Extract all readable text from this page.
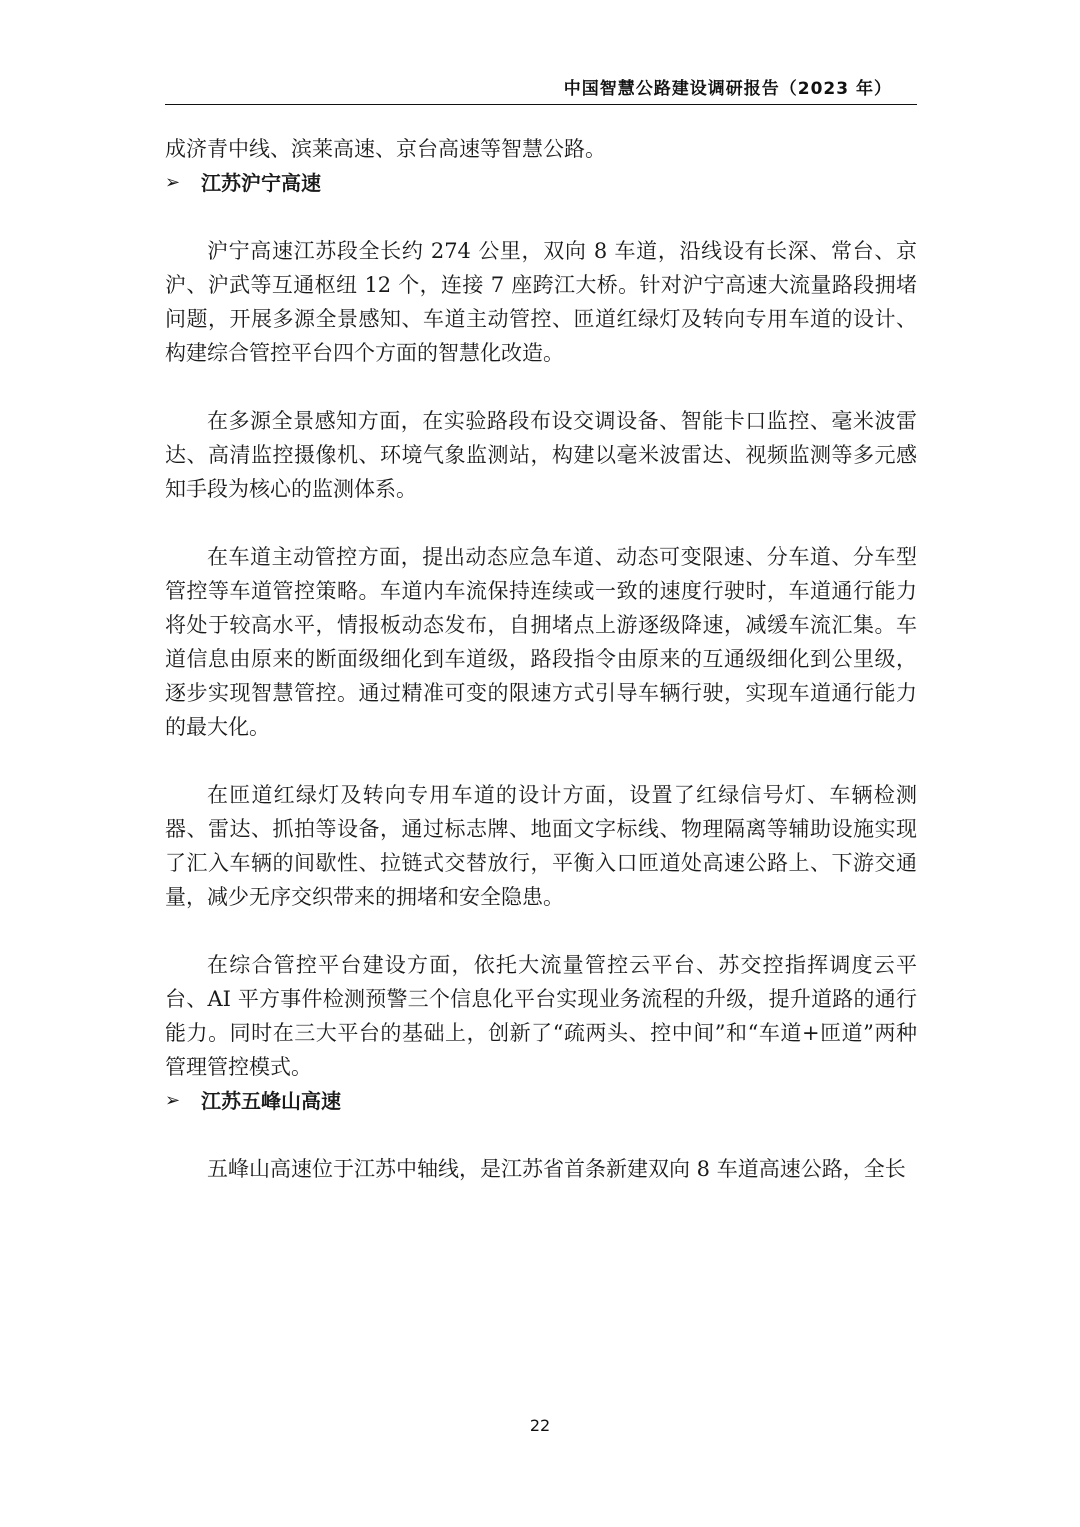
中国智慧公路建设调研报告（2023 年）

成济青中线、滨莱高速、京台高速等智慧公路。

➢	江苏沪宁高速

沪宁高速江苏段全长约 274 公里，双向 8 车道，沿线设有长深、常台、京沪、沪武等互通枢纽 12 个，连接 7 座跨江大桥。针对沪宁高速大流量路段拥堵问题，开展多源全景感知、车道主动管控、匝道红绿灯及转向专用车道的设计、构建综合管控平台四个方面的智慧化改造。

在多源全景感知方面，在实验路段布设交调设备、智能卡口监控、毫米波雷达、高清监控摄像机、环境气象监测站，构建以毫米波雷达、视频监测等多元感知手段为核心的监测体系。

在车道主动管控方面，提出动态应急车道、动态可变限速、分车道、分车型管控等车道管控策略。车道内车流保持连续或一致的速度行驶时，车道通行能力将处于较高水平，情报板动态发布，自拥堵点上游逐级降速，减缓车流汇集。车道信息由原来的断面级细化到车道级，路段指令由原来的互通级细化到公里级，逐步实现智慧管控。通过精准可变的限速方式引导车辆行驶，实现车道通行能力的最大化。

在匝道红绿灯及转向专用车道的设计方面，设置了红绿信号灯、车辆检测器、雷达、抓拍等设备，通过标志牌、地面文字标线、物理隔离等辅助设施实现了汇入车辆的间歇性、拉链式交替放行，平衡入口匝道处高速公路上、下游交通量，减少无序交织带来的拥堵和安全隐患。

在综合管控平台建设方面，依托大流量管控云平台、苏交控指挥调度云平台、AI 平方事件检测预警三个信息化平台实现业务流程的升级，提升道路的通行能力。同时在三大平台的基础上，创新了“疏两头、控中间”和“车道+匝道”两种管理管控模式。

➢	江苏五峰山高速

五峰山高速位于江苏中轴线，是江苏省首条新建双向 8 车道高速公路，全长

22
